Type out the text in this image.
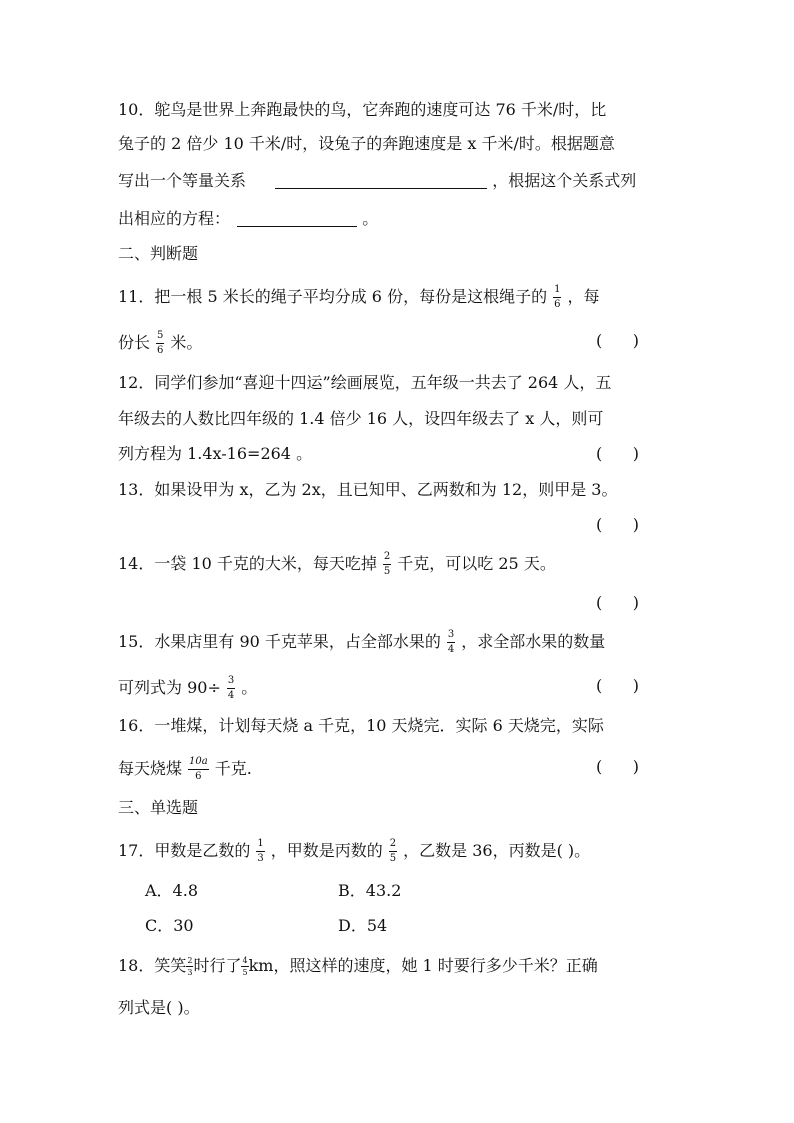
10．鸵鸟是世界上奔跑最快的鸟，它奔跑的速度可达 76 千米/时，比
兔子的 2 倍少 10 千米/时，设兔子的奔跑速度是 x 千米/时。根据题意
写出一个等量关系	，根据这个关系式列
出相应的方程：	。
二、判断题
11．把一根 5 米长的绳子平均分成 6 份，每份是这根绳子的 $\frac{1}{6}$ ，每
份长 $\frac{5}{6}$ 米。	(      )
12．同学们参加“喜迎十四运”绘画展览，五年级一共去了 264 人，五
年级去的人数比四年级的 1.4 倍少 16 人，设四年级去了 x 人，则可
列方程为 1.4x-16=264 。	(      )
13．如果设甲为 x，乙为 2x，且已知甲、乙两数和为 12，则甲是 3。
(      )
14．一袋 10 千克的大米，每天吃掉 $\frac{2}{5}$ 千克，可以吃 25 天。
(      )
15．水果店里有 90 千克苹果，占全部水果的 $\frac{3}{4}$ ，求全部水果的数量
可列式为 $90\div \frac{3}{4}$ 。	(      )
16．一堆煤，计划每天烧 a 千克，10 天烧完．实际 6 天烧完，实际
每天烧煤 $\frac{10a}{6}$ 千克.	(      )
三、单选题
17．甲数是乙数的 $\frac{1}{3}$ ，甲数是丙数的 $\frac{2}{5}$ ，乙数是 36，丙数是( )。
A．4.8	B．43.2
C．30	D．54
18．笑笑 $\frac{2}{3}$ 时行了 $\frac{4}{5}$ km，照这样的速度，她 1 时要行多少千米？正确
列式是( )。
